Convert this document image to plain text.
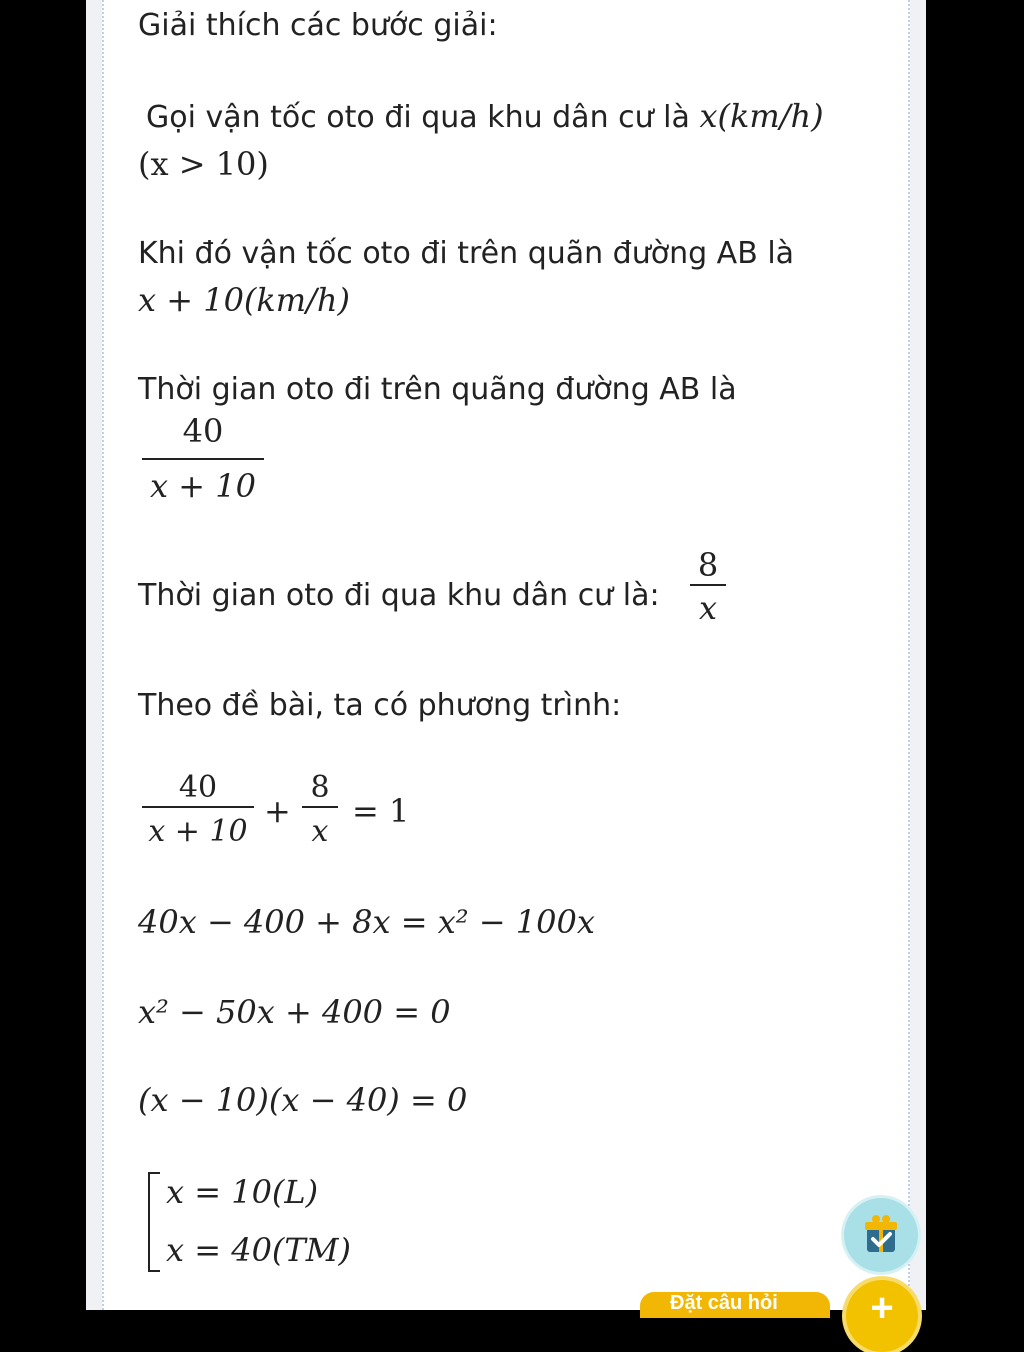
Giải thích các bước giải:
Gọi vận tốc oto đi qua khu dân cư là x(km/h)
(x > 10)
Khi đó vận tốc oto đi trên quãn đường AB là
x + 10(km/h)
Thời gian oto đi trên quãng đường AB là
40
x + 10
Thời gian oto đi qua khu dân cư là:
8
x
Theo đề bài, ta có phương trình:
40
x + 10
+
8
x
= 1
40x − 400 + 8x = x² − 100x
x² − 50x + 400 = 0
(x − 10)(x − 40) = 0
x = 10(L)
x = 40(TM)
Đặt câu hỏi	+
